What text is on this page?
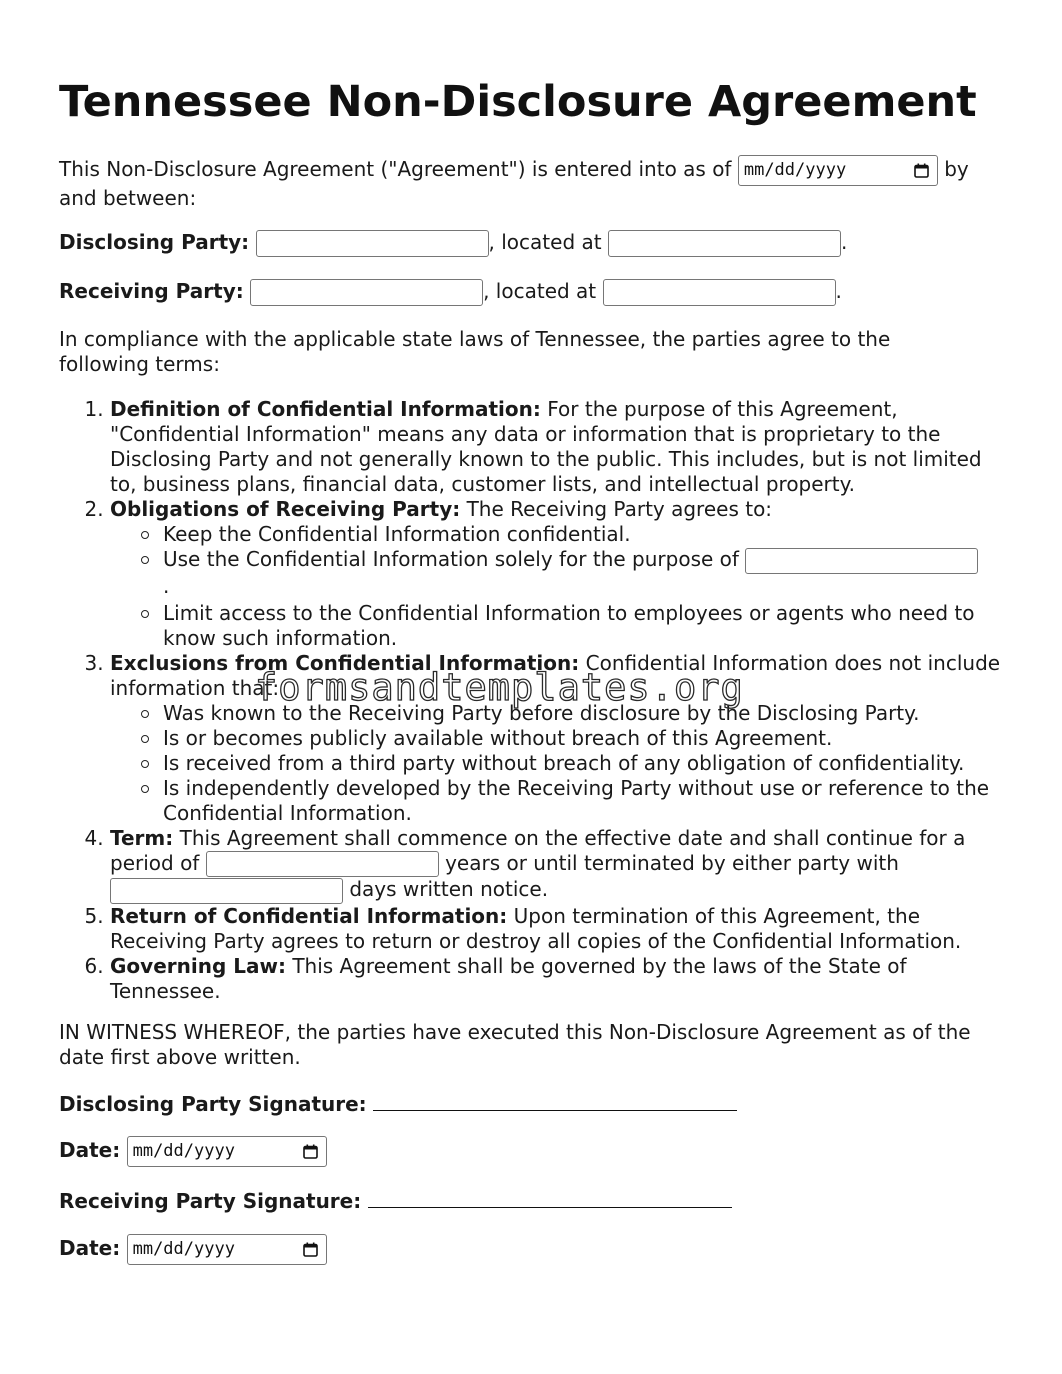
Tennessee Non-Disclosure Agreement

This Non-Disclosure Agreement ("Agreement") is entered into as of mm/dd/yyyy	by and between:

Disclosing Party:	, located at	.

Receiving Party:	, located at	.

In compliance with the applicable state laws of Tennessee, the parties agree to the following terms:

1. Definition of Confidential Information: For the purpose of this Agreement, "Confidential Information" means any data or information that is proprietary to the Disclosing Party and not generally known to the public. This includes, but is not limited to, business plans, financial data, customer lists, and intellectual property.
2. Obligations of Receiving Party: The Receiving Party agrees to:
Keep the Confidential Information confidential.
Use the Confidential Information solely for the purpose of
.
Limit access to the Confidential Information to employees or agents who need to know such information.
3. Exclusions from Confidential Information: Confidential Information does not include information that:
Was known to the Receiving Party before disclosure by the Disclosing Party.
Is or becomes publicly available without breach of this Agreement.
Is received from a third party without breach of any obligation of confidentiality.
Is independently developed by the Receiving Party without use or reference to the Confidential Information.
4. Term: This Agreement shall commence on the effective date and shall continue for a period of	years or until terminated by either party with  days written notice.
5. Return of Confidential Information: Upon termination of this Agreement, the Receiving Party agrees to return or destroy all copies of the Confidential Information.
6. Governing Law: This Agreement shall be governed by the laws of the State of Tennessee.

IN WITNESS WHEREOF, the parties have executed this Non-Disclosure Agreement as of the date first above written.

Disclosing Party Signature:

Date: mm/dd/yyyy

Receiving Party Signature:

Date: mm/dd/yyyy

formsandtemplates.org
